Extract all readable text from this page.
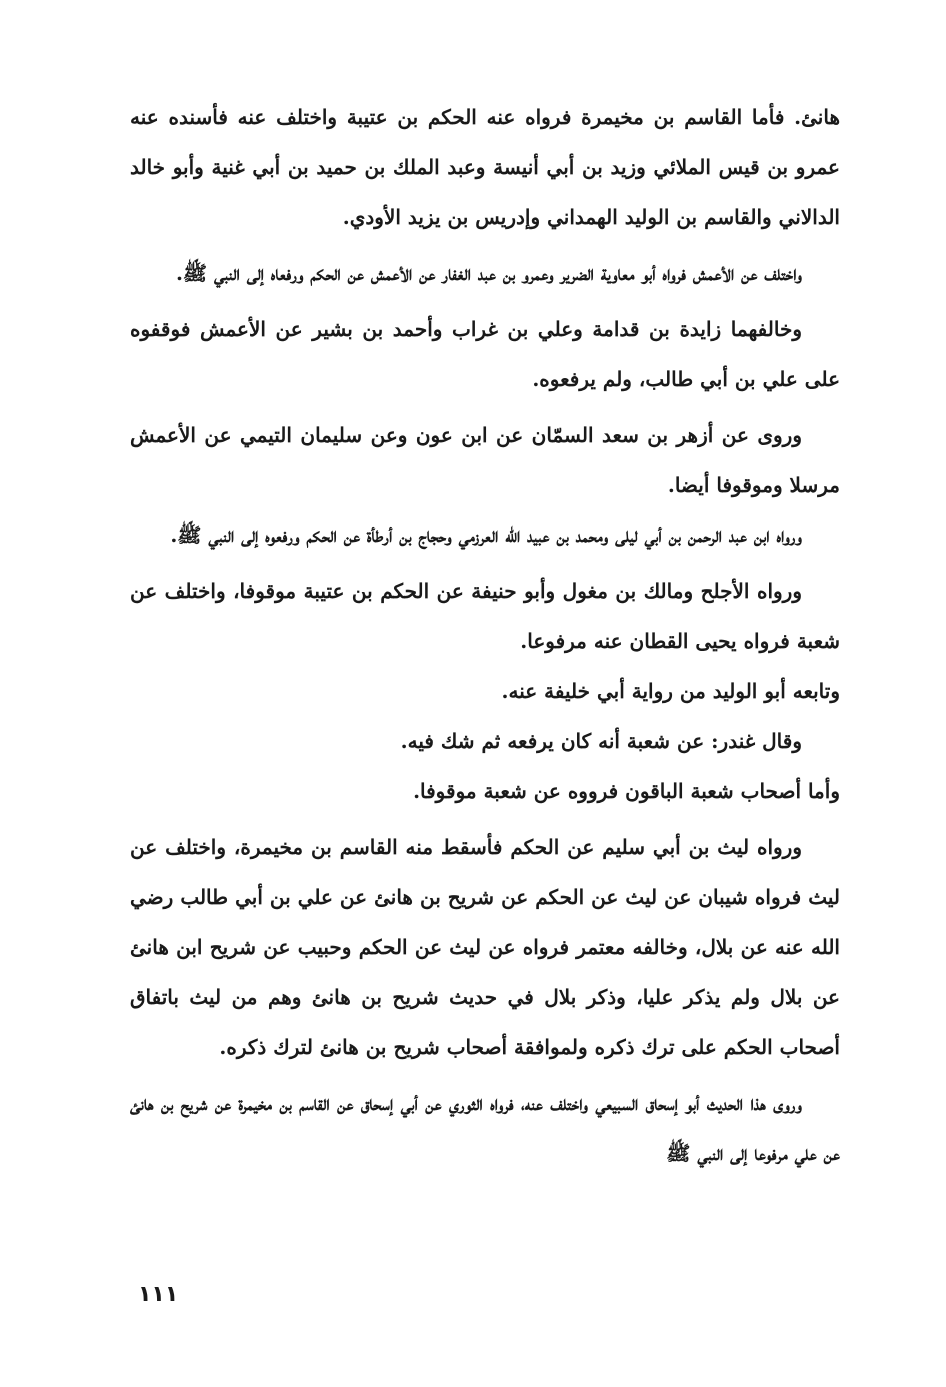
هانئ. فأما القاسم بن مخيمرة فرواه عنه الحكم بن عتيبة واختلف عنه فأسنده عنه عمرو بن قيس الملائي وزيد بن أبي أنيسة وعبد الملك بن حميد بن أبي غنية وأبو خالد الدالاني والقاسم بن الوليد الهمداني وإدريس بن يزيد الأودي.

واختلف عن الأعمش فرواه أبو معاوية الضرير وعمرو بن عبد الغفار عن الأعمش عن الحكم ورفعاه إلى النبي ﷺ.

وخالفهما زايدة بن قدامة وعلي بن غراب وأحمد بن بشير عن الأعمش فوقفوه على علي بن أبي طالب، ولم يرفعوه.

وروى عن أزهر بن سعد السمّان عن ابن عون وعن سليمان التيمي عن الأعمش مرسلا وموقوفا أيضا.

ورواه ابن عبد الرحمن بن أبي ليلى ومحمد بن عبيد الله العرزمي وحجاج بن أرطأة عن الحكم ورفعوه إلى النبي ﷺ.

ورواه الأجلح ومالك بن مغول وأبو حنيفة عن الحكم بن عتيبة موقوفا، واختلف عن شعبة فرواه يحيى القطان عنه مرفوعا.

وتابعه أبو الوليد من رواية أبي خليفة عنه.

وقال غندر: عن شعبة أنه كان يرفعه ثم شك فيه.

وأما أصحاب شعبة الباقون فرووه عن شعبة موقوفا.

ورواه ليث بن أبي سليم عن الحكم فأسقط منه القاسم بن مخيمرة، واختلف عن ليث فرواه شيبان عن ليث عن الحكم عن شريح بن هانئ عن علي بن أبي طالب رضي الله عنه عن بلال، وخالفه معتمر فرواه عن ليث عن الحكم وحبيب عن شريح ابن هانئ عن بلال ولم يذكر عليا، وذكر بلال في حديث شريح بن هانئ وهم من ليث باتفاق أصحاب الحكم على ترك ذكره ولموافقة أصحاب شريح بن هانئ لترك ذكره.

وروى هذا الحديث أبو إسحاق السبيعي واختلف عنه، فرواه الثوري عن أبي إسحاق عن القاسم بن مخيمرة عن شريح بن هانئ عن علي مرفوعا إلى النبي ﷺ

١١١
